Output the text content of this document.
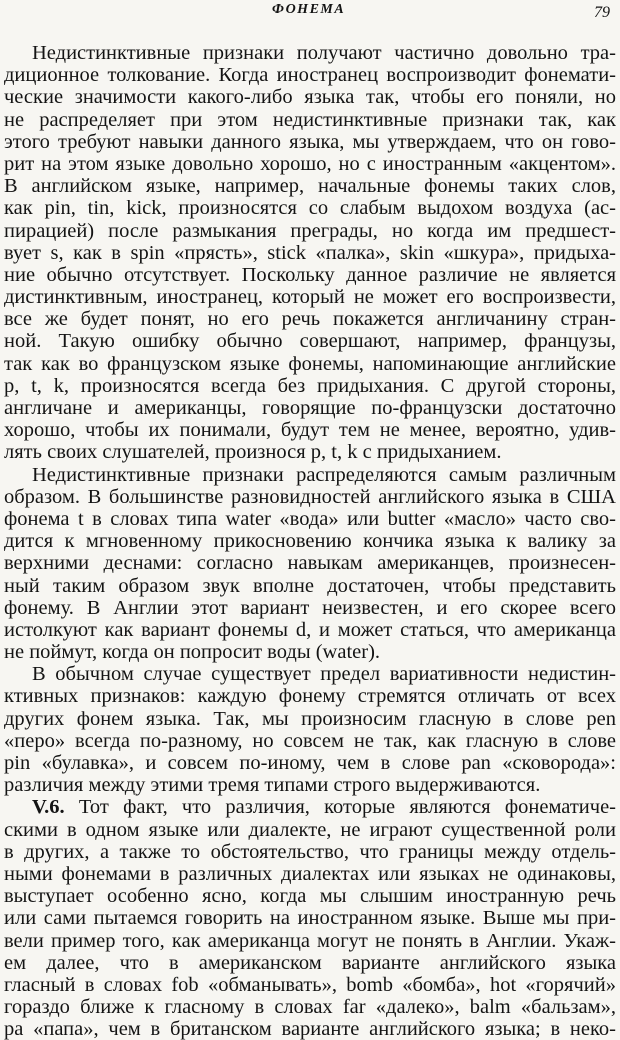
ФОНЕМА	79
Недистинктивные признаки получают частично довольно тра-
диционное толкование. Когда иностранец воспроизводит фонемати-
ческие значимости какого-либо языка так, чтобы его поняли, но
не распределяет при этом недистинктивные признаки так, как
этого требуют навыки данного языка, мы утверждаем, что он гово-
рит на этом языке довольно хорошо, но с иностранным «акцентом».
В английском языке, например, начальные фонемы таких слов,
как pin, tin, kick, произносятся со слабым выдохом воздуха (ас-
пирацией) после размыкания преграды, но когда им предшест-
вует s, как в spin «прясть», stick «палка», skin «шкура», придыха-
ние обычно отсутствует. Поскольку данное различие не является
дистинктивным, иностранец, который не может его воспроизвести,
все же будет понят, но его речь покажется англичанину стран-
ной. Такую ошибку обычно совершают, например, французы,
так как во французском языке фонемы, напоминающие английские
p, t, k, произносятся всегда без придыхания. С другой стороны,
англичане и американцы, говорящие по-французски достаточно
хорошо, чтобы их понимали, будут тем не менее, вероятно, удив-
лять своих слушателей, произнося p, t, k с придыханием.
Недистинктивные признаки распределяются самым различным
образом. В большинстве разновидностей английского языка в США
фонема t в словах типа water «вода» или butter «масло» часто сво-
дится к мгновенному прикосновению кончика языка к валику за
верхними деснами: согласно навыкам американцев, произнесен-
ный таким образом звук вполне достаточен, чтобы представить
фонему. В Англии этот вариант неизвестен, и его скорее всего
истолкуют как вариант фонемы d, и может статься, что американца
не поймут, когда он попросит воды (water).
В обычном случае существует предел вариативности недистин-
ктивных признаков: каждую фонему стремятся отличать от всех
других фонем языка. Так, мы произносим гласную в слове pen
«перо» всегда по-разному, но совсем не так, как гласную в слове
pin «булавка», и совсем по-иному, чем в слове pan «сковорода»:
различия между этими тремя типами строго выдерживаются.
V.6. Тот факт, что различия, которые являются фонематиче-
скими в одном языке или диалекте, не играют существенной роли
в других, а также то обстоятельство, что границы между отдель-
ными фонемами в различных диалектах или языках не одинаковы,
выступает особенно ясно, когда мы слышим иностранную речь
или сами пытаемся говорить на иностранном языке. Выше мы при-
вели пример того, как американца могут не понять в Англии. Укаж-
ем далее, что в американском варианте английского языка
гласный в словах fob «обманывать», bomb «бомба», hot «горячий»
гораздо ближе к гласному в словах far «далеко», balm «бальзам»,
pa «папа», чем в британском варианте английского языка; в неко-
